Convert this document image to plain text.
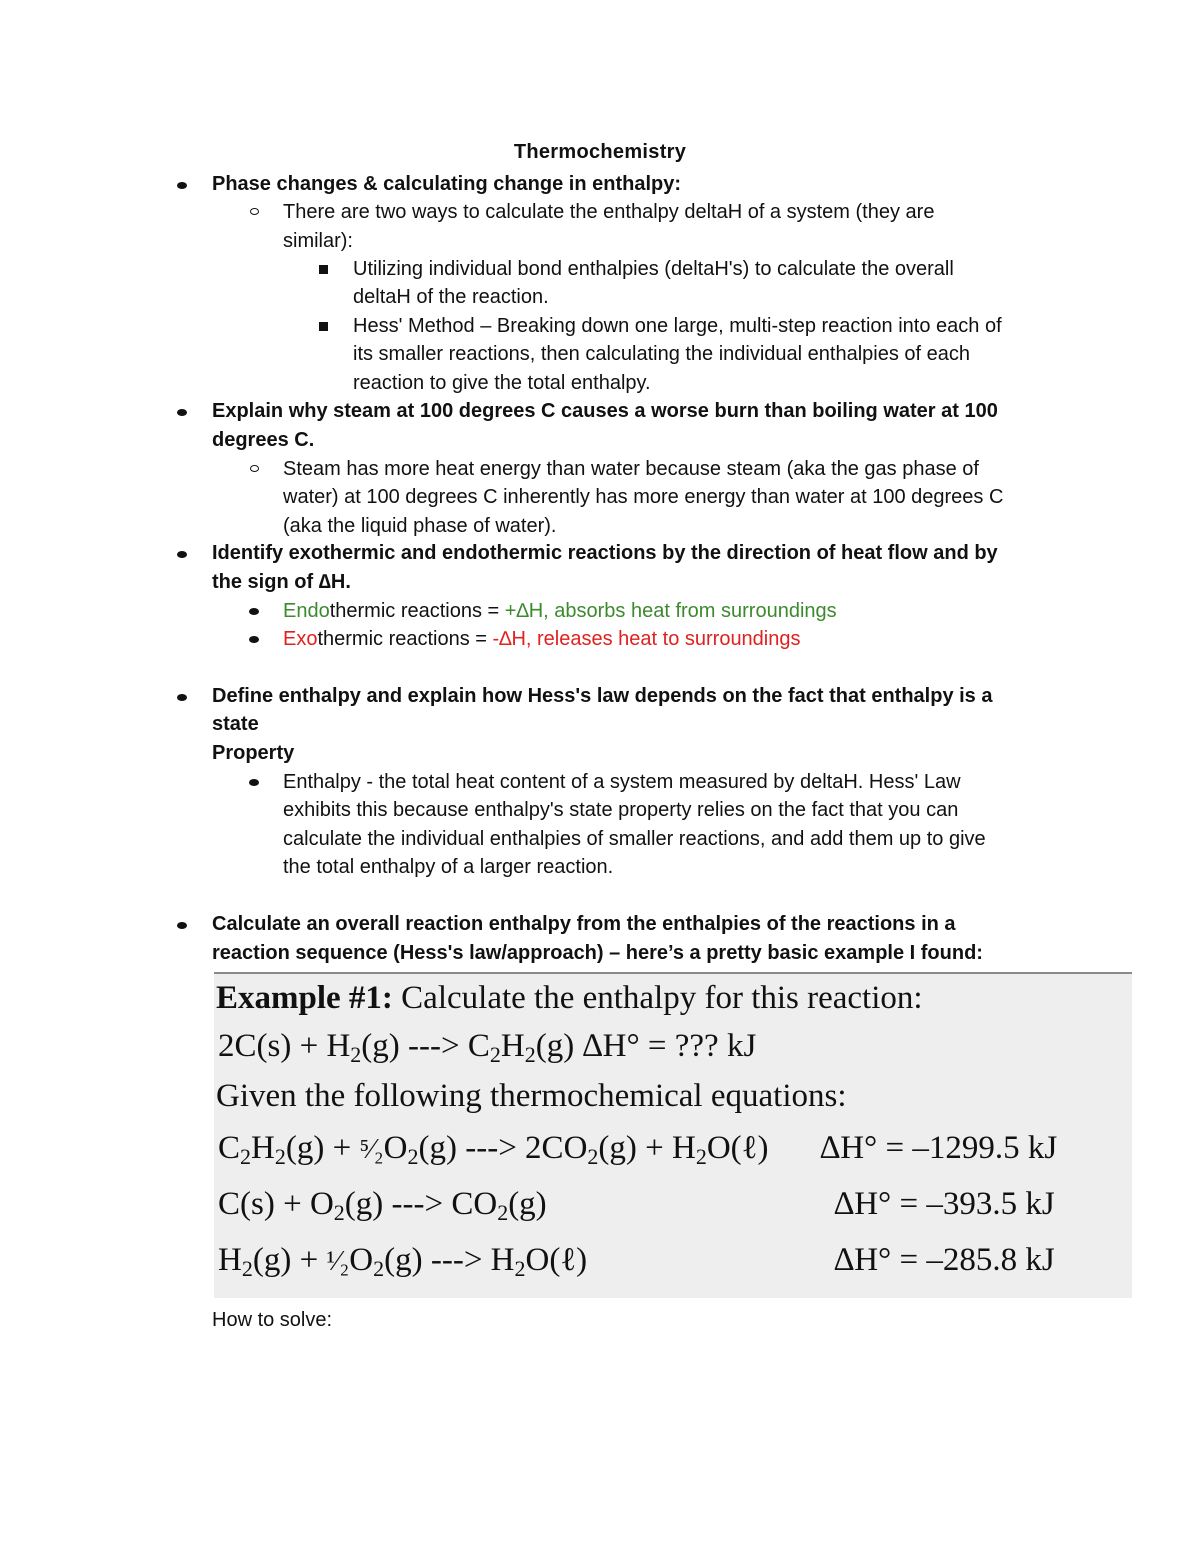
Thermochemistry
Phase changes & calculating change in enthalpy:
There are two ways to calculate the enthalpy deltaH of a system (they are
similar):
Utilizing individual bond enthalpies (deltaH's) to calculate the overall
deltaH of the reaction.
Hess' Method – Breaking down one large, multi-step reaction into each of
its smaller reactions, then calculating the individual enthalpies of each
reaction to give the total enthalpy.
Explain why steam at 100 degrees C causes a worse burn than boiling water at 100
degrees C.
Steam has more heat energy than water because steam (aka the gas phase of
water) at 100 degrees C inherently has more energy than water at 100 degrees C
(aka the liquid phase of water).
Identify exothermic and endothermic reactions by the direction of heat flow and by
the sign of ∆H.
Endothermic reactions = +∆H, absorbs heat from surroundings
Exothermic reactions = -∆H, releases heat to surroundings
Define enthalpy and explain how Hess's law depends on the fact that enthalpy is a
state
Property
Enthalpy - the total heat content of a system measured by deltaH. Hess' Law
exhibits this because enthalpy's state property relies on the fact that you can
calculate the individual enthalpies of smaller reactions, and add them up to give
the total enthalpy of a larger reaction.
Calculate an overall reaction enthalpy from the enthalpies of the reactions in a
reaction sequence (Hess's law/approach) – here’s a pretty basic example I found:
Example #1: Calculate the enthalpy for this reaction:
$2C(s) + H_2(g)$ ---> $C_2H_2(g) \Delta H^\circ$ = ??? kJ
Given the following thermochemical equations:
$C_2H_2(g)$ + $^5⁄_2O_2(g)$ ---> $2CO_2(g)$ + $H_2O(\ell) \Delta H^\circ = -1299.5$ kJ
$C(s) + O_2(g)$ ---> $CO_2(g)$	∆H° = –393.5 kJ
$H_2(g)$ + $^1⁄_2O_2(g)$ ---> $H_2O(\ell)$	∆H° = –285.8 kJ
How to solve:
